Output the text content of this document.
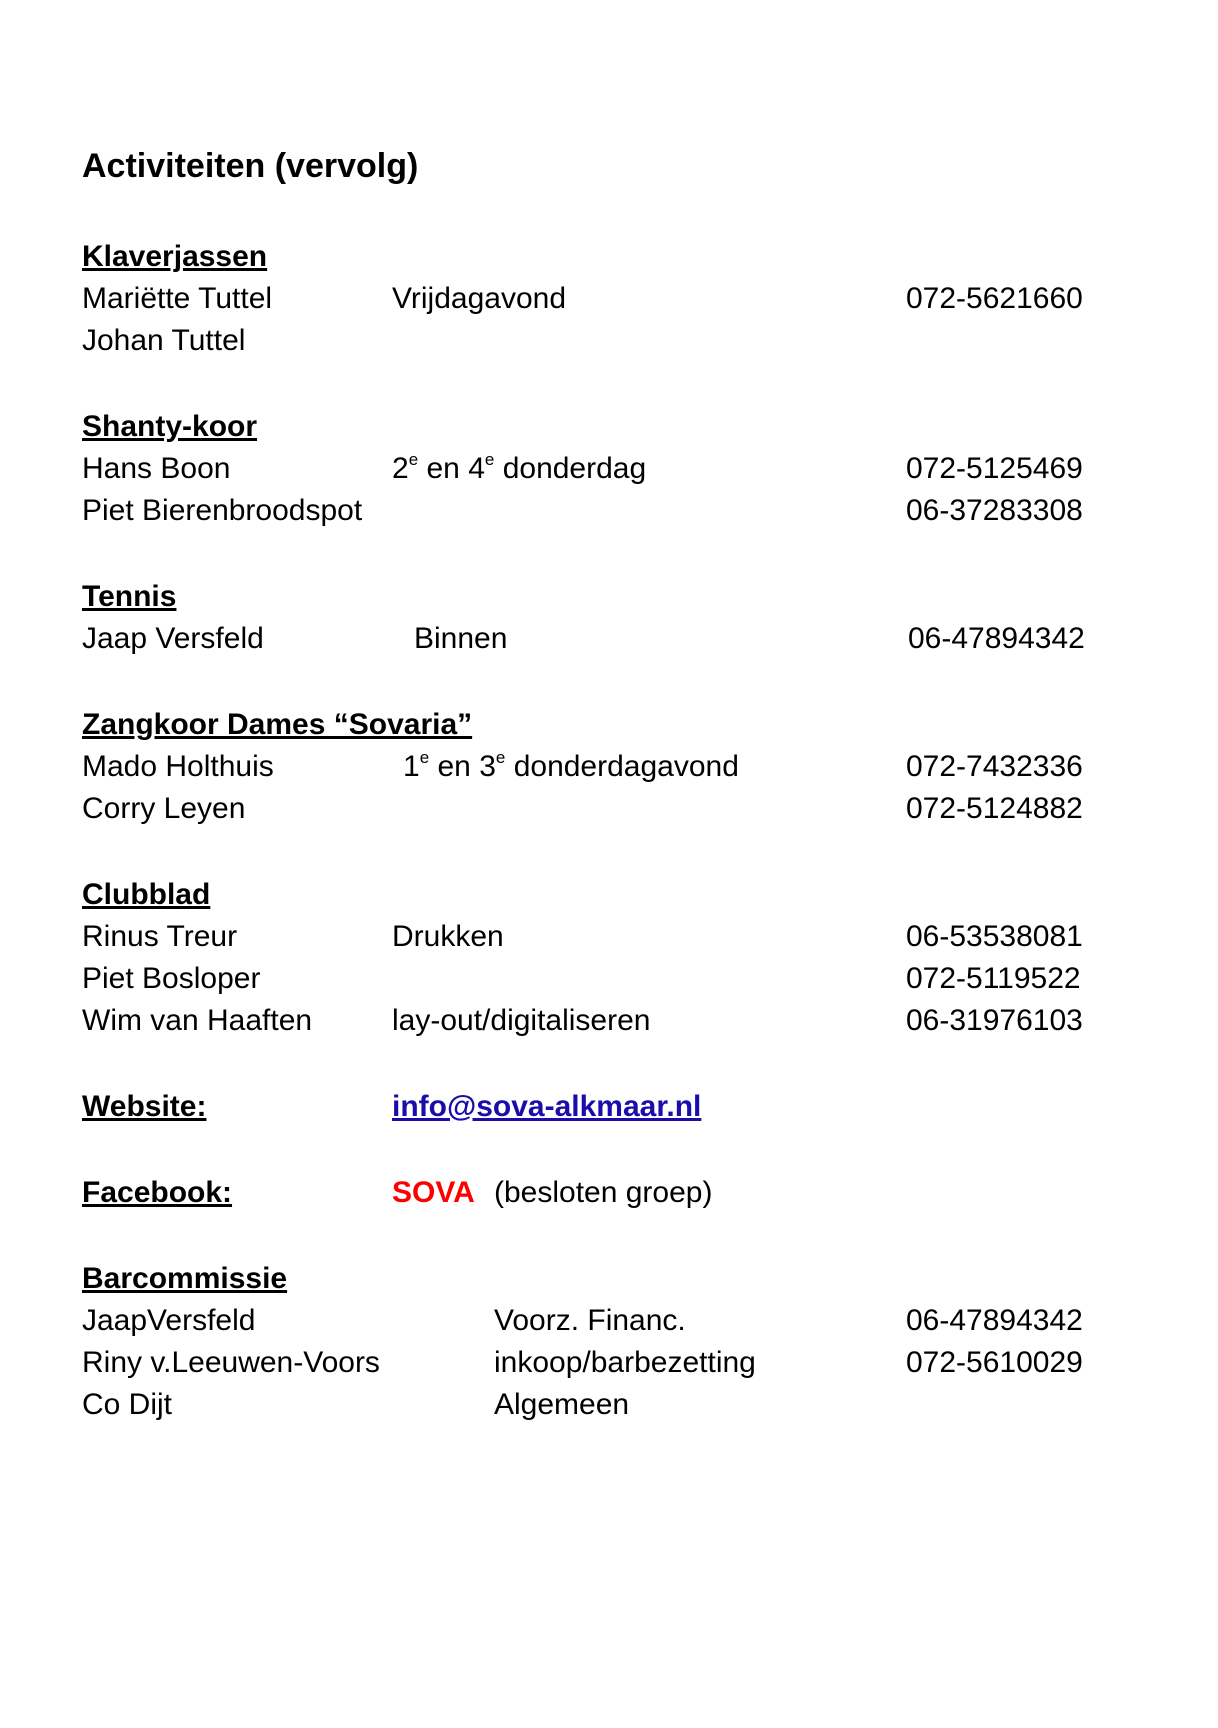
Activiteiten (vervolg)
Klaverjassen
Mariëtte Tuttel	Vrijdagavond	072-5621660
Johan Tuttel
Shanty-koor
Hans Boon	2e en 4e donderdag	072-5125469
Piet Bierenbroodspot	06-37283308
Tennis
Jaap Versfeld	Binnen	06-47894342
Zangkoor Dames “Sovaria”
Mado Holthuis	1e en 3e donderdagavond	072-7432336
Corry Leyen	072-5124882
Clubblad
Rinus Treur	Drukken	06-53538081
Piet Bosloper	072-5119522
Wim van Haaften	lay-out/digitaliseren	06-31976103
Website:	info@sova-alkmaar.nl
Facebook:	SOVA (besloten groep)
Barcommissie
JaapVersfeld	Voorz. Financ.	06-47894342
Riny v.Leeuwen-Voors	inkoop/barbezetting	072-5610029
Co Dijt	Algemeen
